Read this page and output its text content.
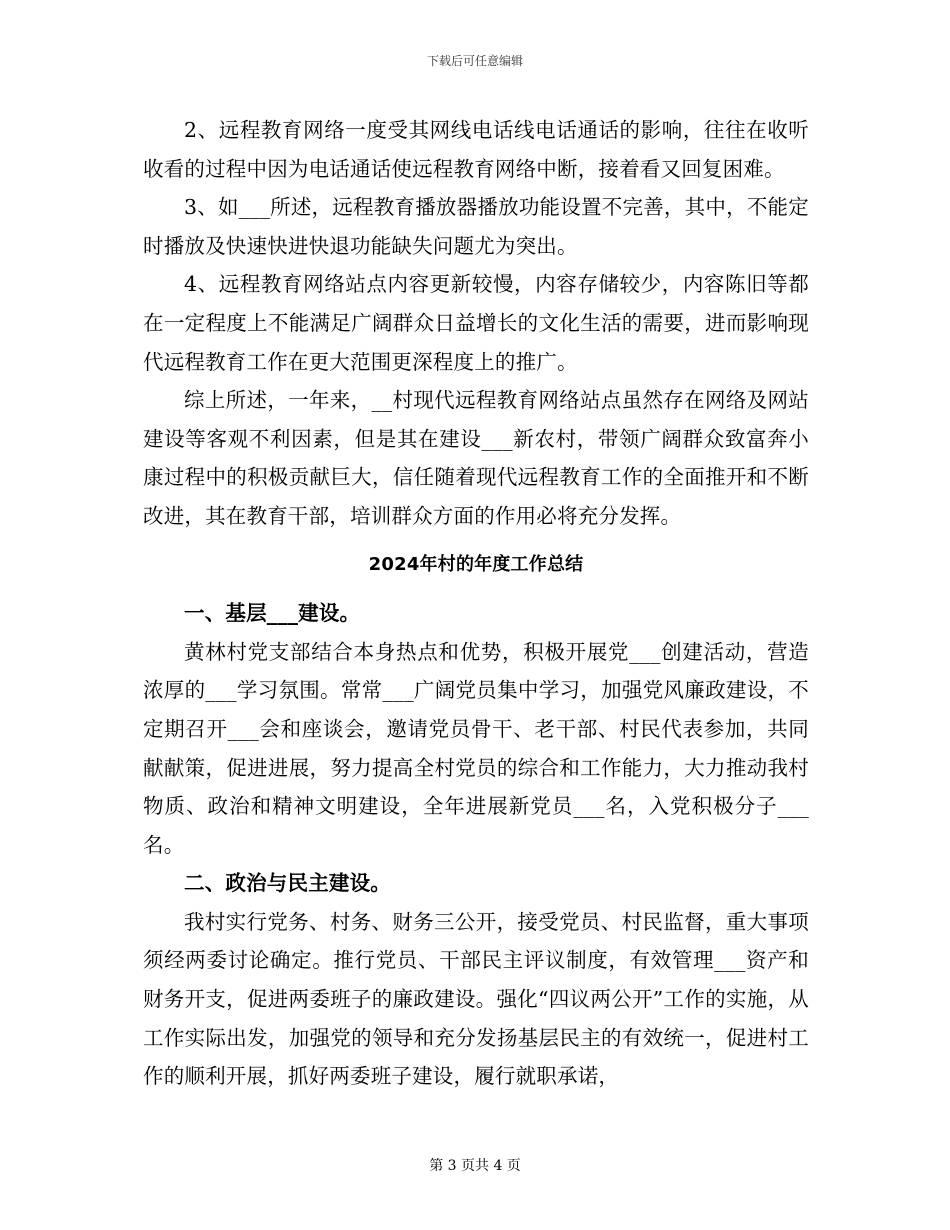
下载后可任意编辑

2、远程教育网络一度受其网线电话线电话通话的影响，往往在收听收看的过程中因为电话通话使远程教育网络中断，接着看又回复困难。

3、如___所述，远程教育播放器播放功能设置不完善，其中，不能定时播放及快速快进快退功能缺失问题尤为突出。

4、远程教育网络站点内容更新较慢，内容存储较少，内容陈旧等都在一定程度上不能满足广阔群众日益增长的文化生活的需要，进而影响现代远程教育工作在更大范围更深程度上的推广。

综上所述，一年来，__村现代远程教育网络站点虽然存在网络及网站建设等客观不利因素，但是其在建设___新农村，带领广阔群众致富奔小康过程中的积极贡献巨大，信任随着现代远程教育工作的全面推开和不断改进，其在教育干部，培训群众方面的作用必将充分发挥。

2024年村的年度工作总结

一、基层___建设。

黄林村党支部结合本身热点和优势，积极开展党___创建活动，营造浓厚的___学习氛围。常常___广阔党员集中学习，加强党风廉政建设，不定期召开___会和座谈会，邀请党员骨干、老干部、村民代表参加，共同献献策，促进进展，努力提高全村党员的综合和工作能力，大力推动我村物质、政治和精神文明建设，全年进展新党员___名，入党积极分子___名。

二、政治与民主建设。

我村实行党务、村务、财务三公开，接受党员、村民监督，重大事项须经两委讨论确定。推行党员、干部民主评议制度，有效管理___资产和财务开支，促进两委班子的廉政建设。强化“四议两公开”工作的实施，从工作实际出发，加强党的领导和充分发扬基层民主的有效统一，促进村工作的顺利开展，抓好两委班子建设，履行就职承诺，

第 3 页共 4 页
